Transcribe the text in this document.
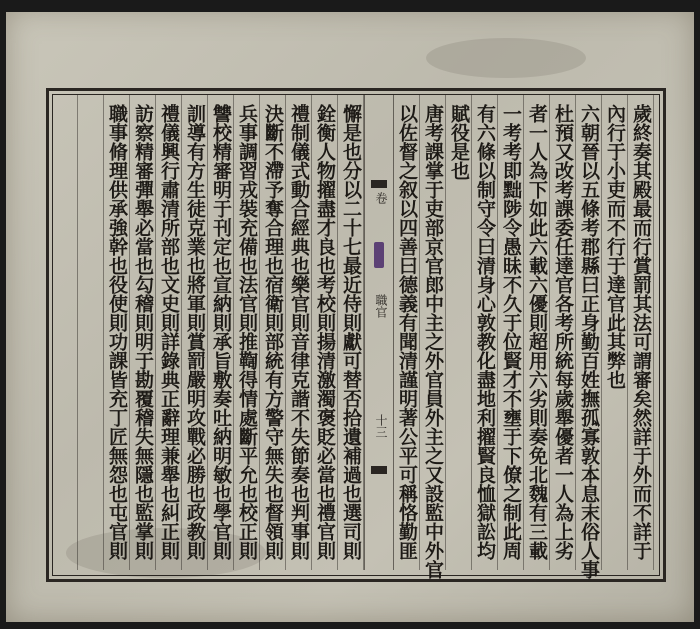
歲終奏其殿最而行賞罰其法可謂審矣然詳于外而不詳于
內行于小吏而不行于達官此其弊也
六朝晉以五條考郡縣曰正身勤百姓撫孤寡敦本息末俗人事
杜預又改考課委任達官各考所統每歲舉優者一人為上劣
者一人為下如此六載六優則超用六劣則奏免北魏有三載
一考考即黜陟令愚昧不久于位賢才不壅于下僚之制此周
有六條以制守令曰清身心敦教化盡地利擢賢良恤獄訟均
賦役是也
唐考課掌于吏部京官郎中主之外官員外主之又設監中外官
以佐督之叙以四善曰德義有聞清謹明著公平可稱恪勤匪
卷
職官
十三
懈是也分以二十七最近侍則獻可替否拾遺補過也選司則
銓衡人物擢盡才良也考校則揚清激濁褒貶必當也禮官則
禮制儀式動合經典也樂官則音律克諧不失節奏也判事則
決斷不滯予奪合理也宿衛則部統有方警守無失也督領則
兵事調習戎裝充備也法官則推鞫得情處斷平允也校正則
讐校精審明于刊定也宣納則承旨敷奏吐納明敏也學官則
訓導有方生徒克業也將軍則賞罰嚴明攻戰必勝也政教則
禮儀興行肅清所部也文史則詳錄典正辭理兼舉也糾正則
訪察精審彈舉必當也勾稽則明于勘覆稽失無隱也監掌則
職事脩理供承強幹也役使則功課皆充丁匠無怨也屯官則
